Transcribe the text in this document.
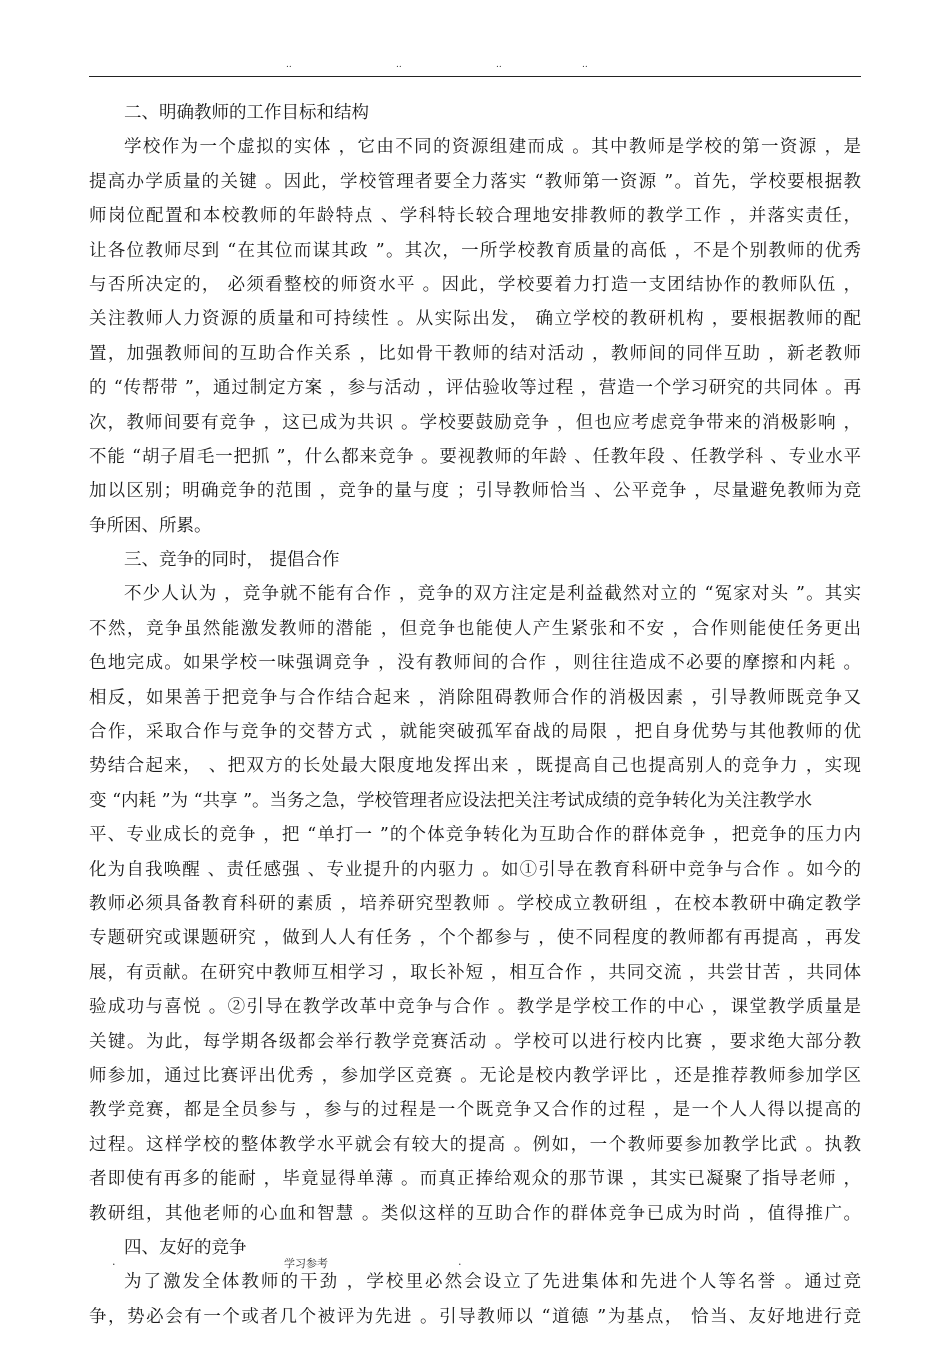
..	..	..	..
二、明确教师的工作目标和结构
学校作为一个虚拟的实体 ，它由不同的资源组建而成 。其中教师是学校的第一资源 ，是
提高办学质量的关键 。因此，学校管理者要全力落实 “教师第一资源 ”。首先，学校要根据教
师岗位配置和本校教师的年龄特点 、学科特长较合理地安排教师的教学工作 ，并落实责任，
让各位教师尽到 “在其位而谋其政 ”。其次，一所学校教育质量的高低 ，不是个别教师的优秀
与否所决定的， 必须看整校的师资水平 。因此，学校要着力打造一支团结协作的教师队伍 ，
关注教师人力资源的质量和可持续性 。从实际出发， 确立学校的教研机构 ，要根据教师的配
置，加强教师间的互助合作关系 ，比如骨干教师的结对活动 ，教师间的同伴互助 ，新老教师
的 “传帮带 ”，通过制定方案 ，参与活动 ，评估验收等过程 ，营造一个学习研究的共同体 。再
次，教师间要有竞争 ，这已成为共识 。学校要鼓励竞争 ，但也应考虑竞争带来的消极影响 ，
不能 “胡子眉毛一把抓 ”，什么都来竞争 。要视教师的年龄 、任教年段 、任教学科 、专业水平
加以区别；明确竞争的范围 ，竞争的量与度 ；引导教师恰当 、公平竞争 ，尽量避免教师为竞
争所困、所累。
三、竞争的同时， 提倡合作
不少人认为 ，竞争就不能有合作 ，竞争的双方注定是利益截然对立的 “冤家对头 ”。其实
不然，竞争虽然能激发教师的潜能 ，但竞争也能使人产生紧张和不安 ，合作则能使任务更出
色地完成。如果学校一味强调竞争 ，没有教师间的合作 ，则往往造成不必要的摩擦和内耗 。
相反，如果善于把竞争与合作结合起来 ，消除阻碍教师合作的消极因素 ，引导教师既竞争又
合作，采取合作与竞争的交替方式 ，就能突破孤军奋战的局限 ，把自身优势与其他教师的优
势结合起来， 、把双方的长处最大限度地发挥出来 ，既提高自己也提高别人的竞争力 ，实现
变 “内耗 ”为 “共享 ”。当务之急，学校管理者应设法把关注考试成绩的竞争转化为关注教学水
平、专业成长的竞争 ，把 “单打一 ”的个体竞争转化为互助合作的群体竞争 ，把竞争的压力内
化为自我唤醒 、责任感强 、专业提升的内驱力 。如①引导在教育科研中竞争与合作 。如今的
教师必须具备教育科研的素质 ，培养研究型教师 。学校成立教研组 ，在校本教研中确定教学
专题研究或课题研究 ，做到人人有任务 ，个个都参与 ，使不同程度的教师都有再提高 ，再发
展，有贡献。在研究中教师互相学习 ，取长补短 ，相互合作 ，共同交流 ，共尝甘苦 ，共同体
验成功与喜悦 。②引导在教学改革中竞争与合作 。教学是学校工作的中心 ，课堂教学质量是
关键。为此，每学期各级都会举行教学竞赛活动 。学校可以进行校内比赛 ，要求绝大部分教
师参加，通过比赛评出优秀 ，参加学区竞赛 。无论是校内教学评比 ，还是推荐教师参加学区
教学竞赛，都是全员参与 ，参与的过程是一个既竞争又合作的过程 ，是一个人人得以提高的
过程。这样学校的整体教学水平就会有较大的提高 。例如，一个教师要参加教学比武 。执教
者即使有再多的能耐 ，毕竟显得单薄 。而真正捧给观众的那节课 ，其实已凝聚了指导老师 ，
教研组，其他老师的心血和智慧 。类似这样的互助合作的群体竞争已成为时尚 ，值得推广。
四、友好的竞争
为了激发全体教师的干劲 ，学校里必然会设立了先进集体和先进个人等名誉 。通过竞
争，势必会有一个或者几个被评为先进 。引导教师以 “道德 ”为基点， 恰当、友好地进行竞
.	学习参考	.
